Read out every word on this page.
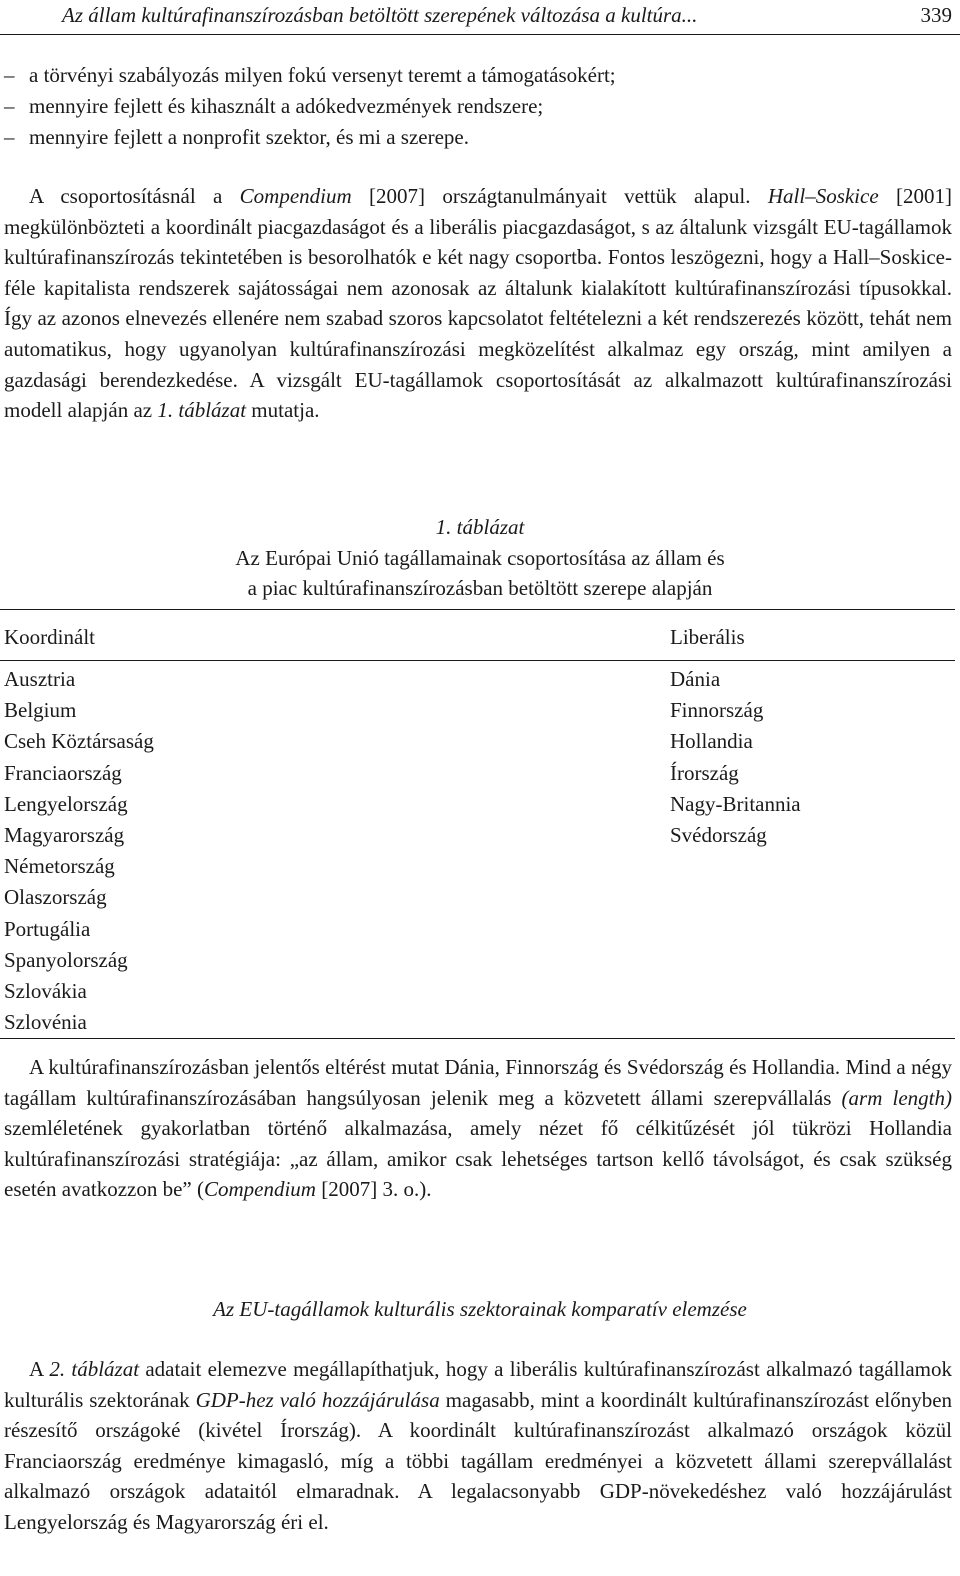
Az állam kultúrafinanszírozásban betöltött szerepének változása a kultúra...	339
– a törvényi szabályozás milyen fokú versenyt teremt a támogatásokért;
– mennyire fejlett és kihasznált a adókedvezmények rendszere;
– mennyire fejlett a nonprofit szektor, és mi a szerepe.

A csoportosításnál a Compendium [2007] országtanulmányait vettük alapul. Hall–Soskice [2001] megkülönbözteti a koordinált piacgazdaságot és a liberális piacgazdaságot, s az általunk vizsgált EU-tagállamok kultúrafinanszírozás tekintetében is besorolhatók e két nagy csoportba. Fontos leszögezni, hogy a Hall–Soskice-féle kapitalista rendszerek sajátosságai nem azonosak az általunk kialakított kultúrafinanszírozási típusokkal. Így az azonos elnevezés ellenére nem szabad szoros kapcsolatot feltételezni a két rendszerezés között, tehát nem automatikus, hogy ugyanolyan kultúrafinanszírozási megközelítést alkalmaz egy ország, mint amilyen a gazdasági berendezkedése. A vizsgált EU-tagállamok csoportosítását az alkalmazott kultúrafinanszírozási modell alapján az 1. táblázat mutatja.

1. táblázat
Az Európai Unió tagállamainak csoportosítása az állam és
a piac kultúrafinanszírozásban betöltött szerepe alapján
Koordinált	Liberális
Ausztria
Belgium
Cseh Köztársaság
Franciaország
Lengyelország
Magyarország
Németország
Olaszország
Portugália
Spanyolország
Szlovákia
Szlovénia
Dánia
Finnország
Hollandia
Írország
Nagy-Britannia
Svédország

A kultúrafinanszírozásban jelentős eltérést mutat Dánia, Finnország és Svédország és Hollandia. Mind a négy tagállam kultúrafinanszírozásában hangsúlyosan jelenik meg a közvetett állami szerepvállalás (arm length) szemléletének gyakorlatban történő alkalmazása, amely nézet fő célkitűzését jól tükrözi Hollandia kultúrafinanszírozási stratégiája: „az állam, amikor csak lehetséges tartson kellő távolságot, és csak szükség esetén avatkozzon be” (Compendium [2007] 3. o.).

Az EU-tagállamok kulturális szektorainak komparatív elemzése

A 2. táblázat adatait elemezve megállapíthatjuk, hogy a liberális kultúrafinanszírozást alkalmazó tagállamok kulturális szektorának GDP-hez való hozzájárulása magasabb, mint a koordinált kultúrafinanszírozást előnyben részesítő országoké (kivétel Írország). A koordinált kultúrafinanszírozást alkalmazó országok közül Franciaország eredménye kimagasló, míg a többi tagállam eredményei a közvetett állami szerepvállalást alkalmazó országok adataitól elmaradnak. A legalacsonyabb GDP-növekedéshez való hozzájárulást Lengyelország és Magyarország éri el.
